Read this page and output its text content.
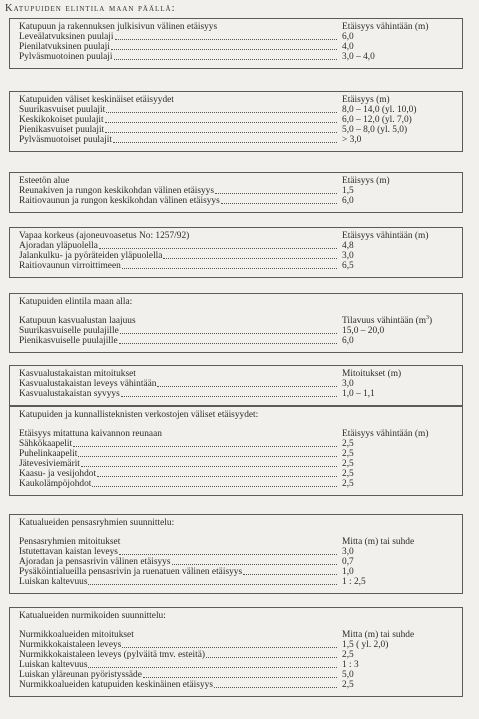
Katupuiden elintila maan päällä:
Katupuun ja rakennuksen julkisivun välinen etäisyys	Etäisyys vähintään (m)
Leveälatvuksinen puulaji	6,0
Pienilatvuksinen puulaji	4,0
Pylväsmuotoinen puulaji	3,0 – 4,0
Katupuiden väliset keskinäiset etäisyydet	Etäisyys (m)
Suurikasvuiset puulajit	8,0 – 14,0 (yl. 10,0)
Keskikokoiset puulajit	6,0 – 12,0 (yl. 7,0)
Pienikasvuiset puulajit	5,0 – 8,0 (yl. 5,0)
Pylväsmuotoiset puulajit	> 3,0
Esteetön alue	Etäisyys (m)
Reunakiven ja rungon keskikohdan välinen etäisyys	1,5
Raitiovaunun ja rungon keskikohdan välinen etäisyys	6,0
Vapaa korkeus (ajoneuvoasetus No: 1257/92)	Etäisyys vähintään (m)
Ajoradan yläpuolella	4,8
Jalankulku- ja pyöräteiden yläpuolella	3,0
Raitiovaunun virroittimeen	6,5
Katupuiden elintila maan alla:
Katupuun kasvualustan laajuus	Tilavuus vähintään $(m^3)$
Suurikasvuiselle puulajille	15,0 – 20,0
Pienikasvuiselle puulajille	6,0
Kasvualustakaistan mitoitukset	Mitoitukset (m)
Kasvualustakaistan leveys vähintään	3,0
Kasvualustakaistan syvyys	1,0 – 1,1
Katupuiden ja kunnallisteknisten verkostojen väliset etäisyydet:
Etäisyys mitattuna kaivannon reunaan	Etäisyys vähintään (m)
Sähkökaapelit	2,5
Puhelinkaapelit	2,5
Jätevesiviemärit	2,5
Kaasu- ja vesijohdot	2,5
Kaukolämpöjohdot	2,5
Katualueiden pensasryhmien suunnittelu:
Pensasryhmien mitoitukset	Mitta (m) tai suhde
Istutettavan kaistan leveys	3,0
Ajoradan ja pensasrivin välinen etäisyys	0,7
Pysäköintialueilla pensasrivin ja ruenatuen välinen etäisyys	1,0
Luiskan kaltevuus	1 : 2,5
Katualueiden nurmikoiden suunnittelu:
Nurmikkoalueiden mitoitukset	Mitta (m) tai suhde
Nurmikkokaistaleen leveys	1,5 ( yl. 2,0)
Nurmikkokaistaleen leveys (pylväitä tmv. esteitä)	2,5
Luiskan kaltevuus	1 : 3
Luiskan yläreunan pyöristyssäde	5,0
Nurmikkoalueiden katupuiden keskinäinen etäisyys	2,5
